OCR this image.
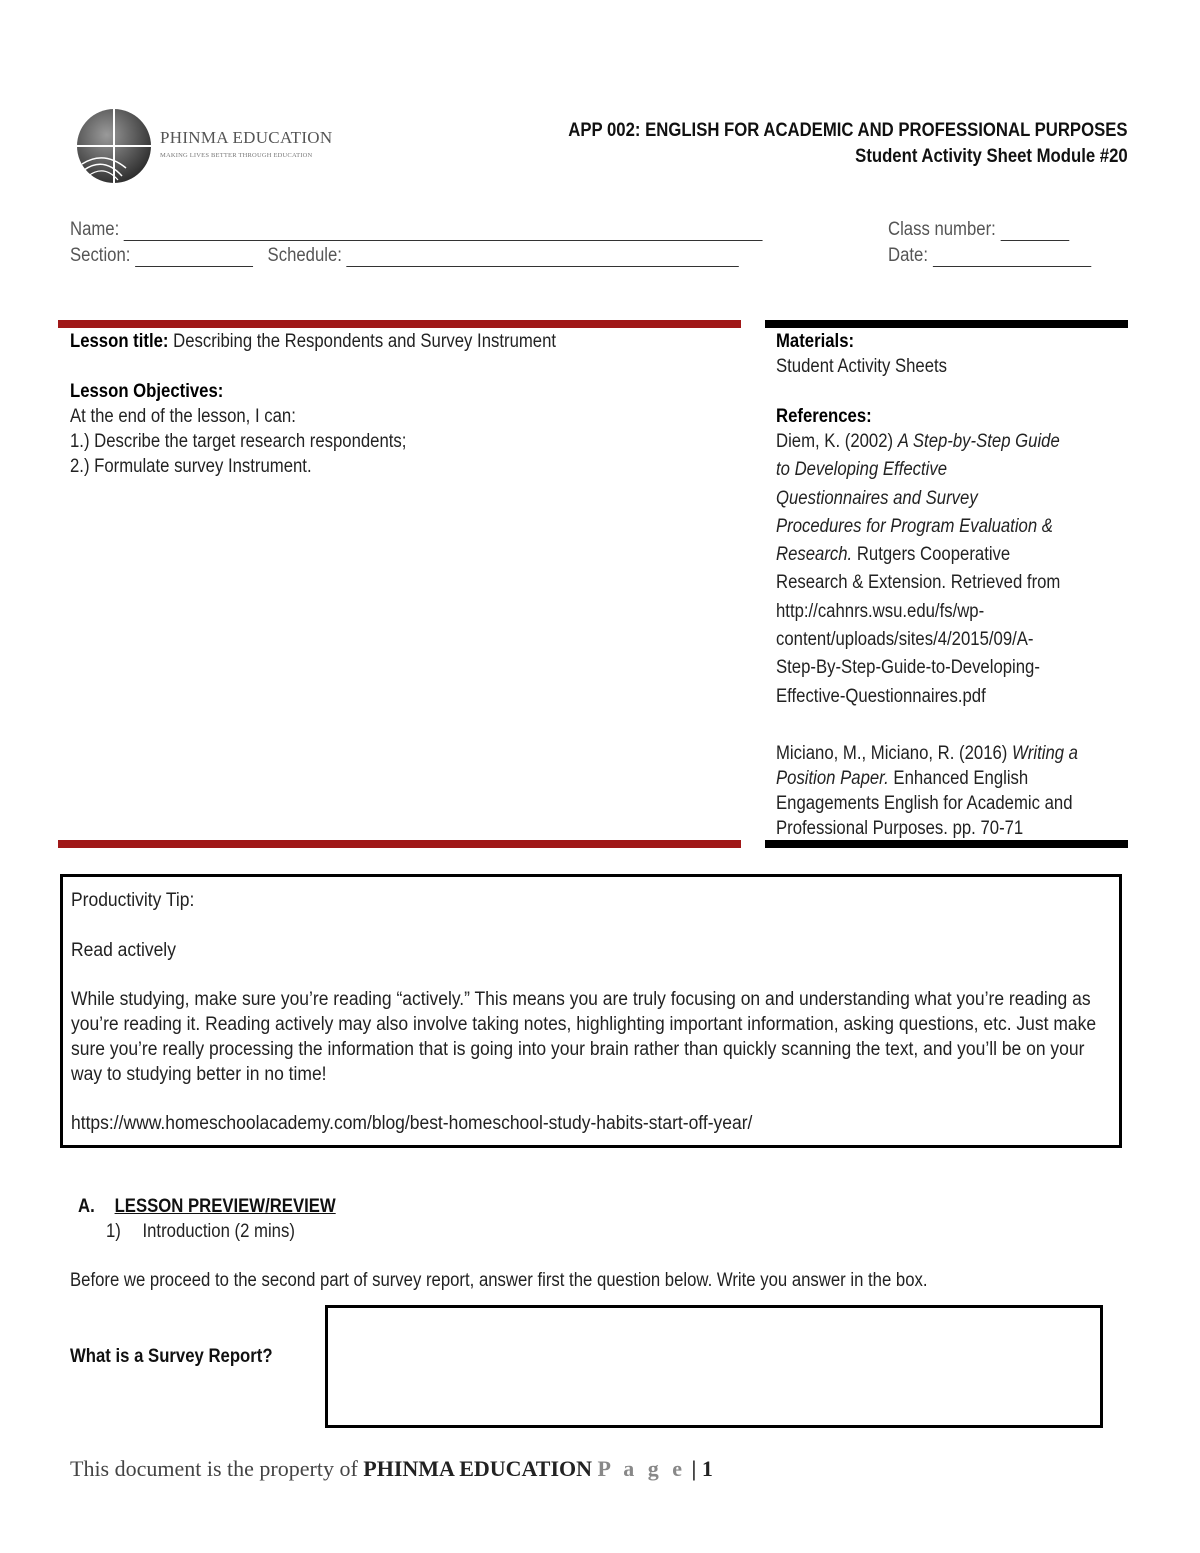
PHINMA EDUCATION
MAKING LIVES BETTER THROUGH EDUCATION
APP 002: ENGLISH FOR ACADEMIC AND PROFESSIONAL PURPOSES
Student Activity Sheet Module #20
Name:
Section:	Schedule:
Class number:
Date:
Lesson title: Describing the Respondents and Survey Instrument
Lesson Objectives:
At the end of the lesson, I can:
1.) Describe the target research respondents;
2.) Formulate survey Instrument.
Materials:
Student Activity Sheets
References:
Diem, K. (2002) A Step-by-Step Guide
to Developing Effective
Questionnaires and Survey
Procedures for Program Evaluation &
Research. Rutgers Cooperative
Research & Extension. Retrieved from
http://cahnrs.wsu.edu/fs/wp-
content/uploads/sites/4/2015/09/A-
Step-By-Step-Guide-to-Developing-
Effective-Questionnaires.pdf
Miciano, M., Miciano, R. (2016) Writing a
Position Paper. Enhanced English
Engagements English for Academic and
Professional Purposes. pp. 70-71

Productivity Tip:

Read actively

While studying, make sure you’re reading “actively.” This means you are truly focusing on and understanding what you’re reading as you’re reading it. Reading actively may also involve taking notes, highlighting important information, asking questions, etc. Just make sure you’re really processing the information that is going into your brain rather than quickly scanning the text, and you’ll be on your way to studying better in no time!

https://www.homeschoolacademy.com/blog/best-homeschool-study-habits-start-off-year/

A. LESSON PREVIEW/REVIEW
1) Introduction (2 mins)
Before we proceed to the second part of survey report, answer first the question below. Write you answer in the box.
What is a Survey Report?
This document is the property of PHINMA EDUCATION P a g e | 1
